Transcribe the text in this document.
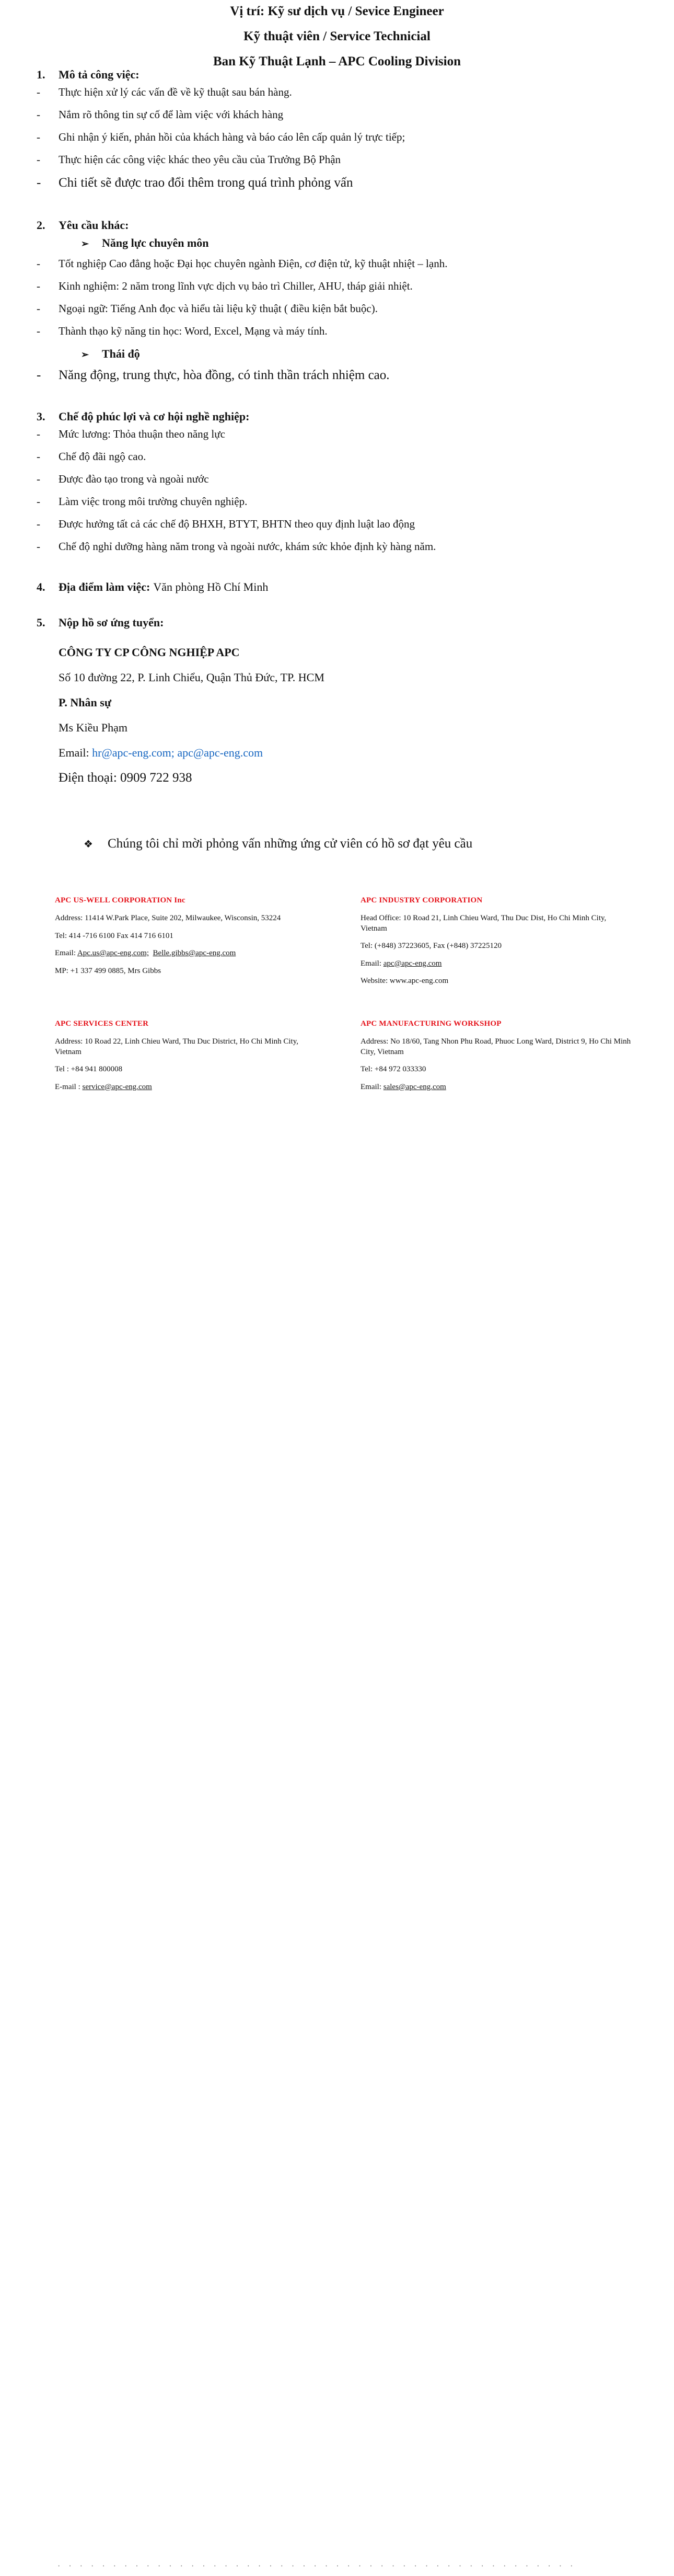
Vị trí: Kỹ sư dịch vụ / Sevice Engineer
Kỹ thuật viên / Service Technicial
Ban Kỹ Thuật Lạnh – APC Cooling Division
1.	Mô tả công việc:
-	Thực hiện xử lý các vấn đề về kỹ thuật sau bán hàng.
-	Nắm rõ thông tin sự cố để làm việc với khách hàng
-	Ghi nhận ý kiến, phản hồi của khách hàng và báo cáo lên cấp quản lý trực tiếp;
-	Thực hiện các công việc khác theo yêu cầu của Trưởng Bộ Phận
-	Chi tiết sẽ được trao đổi thêm trong quá trình phỏng vấn
2.	Yêu cầu khác:
➢	Năng lực chuyên môn
-	Tốt nghiệp Cao đẳng hoặc Đại học chuyên ngành Điện, cơ điện tử, kỹ thuật nhiệt – lạnh.
-	Kinh nghiệm: 2 năm trong lĩnh vực dịch vụ bảo trì Chiller, AHU, tháp giải nhiệt.
-	Ngoại ngữ: Tiếng Anh đọc và hiểu tài liệu kỹ thuật ( điều kiện bắt buộc).
-	Thành thạo kỹ năng tin học: Word, Excel, Mạng và máy tính.
➢	Thái độ
-	Năng động, trung thực, hòa đồng, có tinh thần trách nhiệm cao.
3.	Chế độ phúc lợi và cơ hội nghề nghiệp:
-	Mức lương: Thỏa thuận theo năng lực
-	Chế độ đãi ngộ cao.
-	Được đào tạo trong và ngoài nước
-	Làm việc trong môi trường chuyên nghiệp.
-	Được hưởng tất cả các chế độ BHXH, BTYT, BHTN theo quy định luật lao động
-	Chế độ nghỉ dưỡng hàng năm trong và ngoài nước, khám sức khỏe định kỳ hàng năm.
4.	Địa điểm làm việc: Văn phòng Hồ Chí Minh
5.	Nộp hồ sơ ứng tuyển:
CÔNG TY CP CÔNG NGHIỆP APC
Số 10 đường 22, P. Linh Chiểu, Quận Thủ Đức, TP. HCM
P. Nhân sự
Ms Kiều Phạm
Email:
hr@apc-eng.com; apc@apc-eng.com
Điện thoại: 0909 722 938
❖	Chúng tôi chỉ mời phỏng vấn những ứng cử viên có hồ sơ đạt yêu cầu
APC US-WELL CORPORATION Inc
Address: 11414 W.Park Place, Suite 202, Milwaukee, Wisconsin, 53224
Tel: 414 -716 6100 Fax 414 716 6101
Email: Apc.us@apc-eng.com; Belle.gibbs@apc-eng.com
MP: +1 337 499 0885, Mrs Gibbs
APC INDUSTRY CORPORATION
Head Office: 10 Road 21, Linh Chieu Ward, Thu Duc Dist, Ho Chi Minh City, Vietnam
Tel: (+848) 37223605, Fax (+848) 37225120
Email: apc@apc-eng.com
Website: www.apc-eng.com
APC SERVICES CENTER
Address: 10 Road 22, Linh Chieu Ward, Thu Duc District, Ho Chi Minh City, Vietnam
Tel : +84 941 800008
E-mail : service@apc-eng.com
APC MANUFACTURING WORKSHOP
Address: No 18/60, Tang Nhon Phu Road, Phuoc Long Ward, District 9, Ho Chi Minh City, Vietnam
Tel: +84 972 033330
Email: sales@apc-eng.com
· · · · · · · · · · · · · · · · · · · · · · · · · · · · · · · · · · · · · · · · · · · · · · ·
